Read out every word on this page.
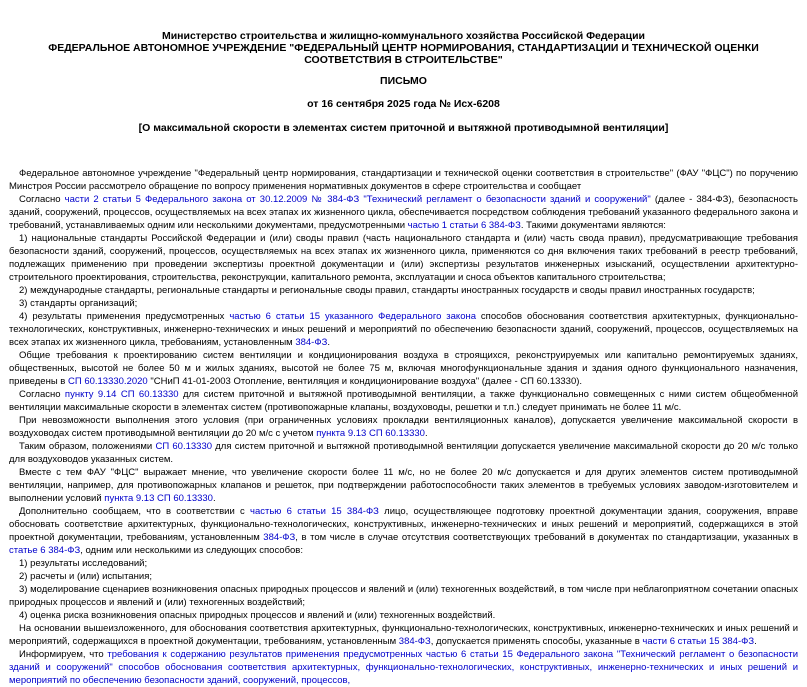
Министерство строительства и жилищно-коммунального хозяйства Российской Федерации
ФЕДЕРАЛЬНОЕ АВТОНОМНОЕ УЧРЕЖДЕНИЕ "ФЕДЕРАЛЬНЫЙ ЦЕНТР НОРМИРОВАНИЯ, СТАНДАРТИЗАЦИИ И ТЕХНИЧЕСКОЙ ОЦЕНКИ СООТВЕТСТВИЯ В СТРОИТЕЛЬСТВЕ"
ПИСЬМО
от 16 сентября 2025 года № Исх-6208
[О максимальной скорости в элементах систем приточной и вытяжной противодымной вентиляции]

Федеральное автономное учреждение "Федеральный центр нормирования, стандартизации и технической оценки соответствия в строительстве" (ФАУ "ФЦС") по поручению Минстроя России рассмотрело обращение по вопросу применения нормативных документов в сфере строительства и сообщает

Согласно части 2 статьи 5 Федерального закона от 30.12.2009 № 384-ФЗ "Технический регламент о безопасности зданий и сооружений" (далее - 384-ФЗ), безопасность зданий, сооружений, процессов, осуществляемых на всех этапах их жизненного цикла, обеспечивается посредством соблюдения требований указанного федерального закона и требований, устанавливаемых одним или несколькими документами, предусмотренными частью 1 статьи 6 384-ФЗ. Такими документами являются:

1) национальные стандарты Российской Федерации и (или) своды правил (часть национального стандарта и (или) часть свода правил), предусматривающие требования безопасности зданий, сооружений, процессов, осуществляемых на всех этапах их жизненного цикла, применяются со дня включения таких требований в реестр требований, подлежащих применению при проведении экспертизы проектной документации и (или) экспертизы результатов инженерных изысканий, осуществлении архитектурно-строительного проектирования, строительства, реконструкции, капитального ремонта, эксплуатации и сноса объектов капитального строительства;

2) международные стандарты, региональные стандарты и региональные своды правил, стандарты иностранных государств и своды правил иностранных государств;

3) стандарты организаций;

4) результаты применения предусмотренных частью 6 статьи 15 указанного Федерального закона способов обоснования соответствия архитектурных, функционально-технологических, конструктивных, инженерно-технических и иных решений и мероприятий по обеспечению безопасности зданий, сооружений, процессов, осуществляемых на всех этапах их жизненного цикла, требованиям, установленным 384-ФЗ.

Общие требования к проектированию систем вентиляции и кондиционирования воздуха в строящихся, реконструируемых или капитально ремонтируемых зданиях, общественных, высотой не более 50 м и жилых зданиях, высотой не более 75 м, включая многофункциональные здания и здания одного функционального назначения, приведены в СП 60.13330.2020 "СНиП 41-01-2003 Отопление, вентиляция и кондиционирование воздуха" (далее - СП 60.13330).

Согласно пункту 9.14 СП 60.13330 для систем приточной и вытяжной противодымной вентиляции, а также функционально совмещенных с ними систем общеобменной вентиляции максимальные скорости в элементах систем (противопожарные клапаны, воздуховоды, решетки и т.п.) следует принимать не более 11 м/с.

При невозможности выполнения этого условия (при ограниченных условиях прокладки вентиляционных каналов), допускается увеличение максимальной скорости в воздуховодах систем противодымной вентиляции до 20 м/с с учетом пункта 9.13 СП 60.13330.

Таким образом, положениями СП 60.13330 для систем приточной и вытяжной противодымной вентиляции допускается увеличение максимальной скорости до 20 м/с только для воздуховодов указанных систем.

Вместе с тем ФАУ "ФЦС" выражает мнение, что увеличение скорости более 11 м/с, но не более 20 м/с допускается и для других элементов систем противодымной вентиляции, например, для противопожарных клапанов и решеток, при подтверждении работоспособности таких элементов в требуемых условиях заводом-изготовителем и выполнении условий пункта 9.13 СП 60.13330.

Дополнительно сообщаем, что в соответствии с частью 6 статьи 15 384-ФЗ лицо, осуществляющее подготовку проектной документации здания, сооружения, вправе обосновать соответствие архитектурных, функционально-технологических, конструктивных, инженерно-технических и иных решений и мероприятий, содержащихся в этой проектной документации, требованиям, установленным 384-ФЗ, в том числе в случае отсутствия соответствующих требований в документах по стандартизации, указанных в статье 6 384-ФЗ, одним или несколькими из следующих способов:

1) результаты исследований;

2) расчеты и (или) испытания;

3) моделирование сценариев возникновения опасных природных процессов и явлений и (или) техногенных воздействий, в том числе при неблагоприятном сочетании опасных природных процессов и явлений и (или) техногенных воздействий;

4) оценка риска возникновения опасных природных процессов и явлений и (или) техногенных воздействий.

На основании вышеизложенного, для обоснования соответствия архитектурных, функционально-технологических, конструктивных, инженерно-технических и иных решений и мероприятий, содержащихся в проектной документации, требованиям, установленным 384-ФЗ, допускается применять способы, указанные в части 6 статьи 15 384-ФЗ.

Информируем, что требования к содержанию результатов применения предусмотренных частью 6 статьи 15 Федерального закона "Технический регламент о безопасности зданий и сооружений" способов обоснования соответствия архитектурных, функционально-технологических, конструктивных, инженерно-технических и иных решений и мероприятий по обеспечению безопасности зданий, сооружений, процессов,
